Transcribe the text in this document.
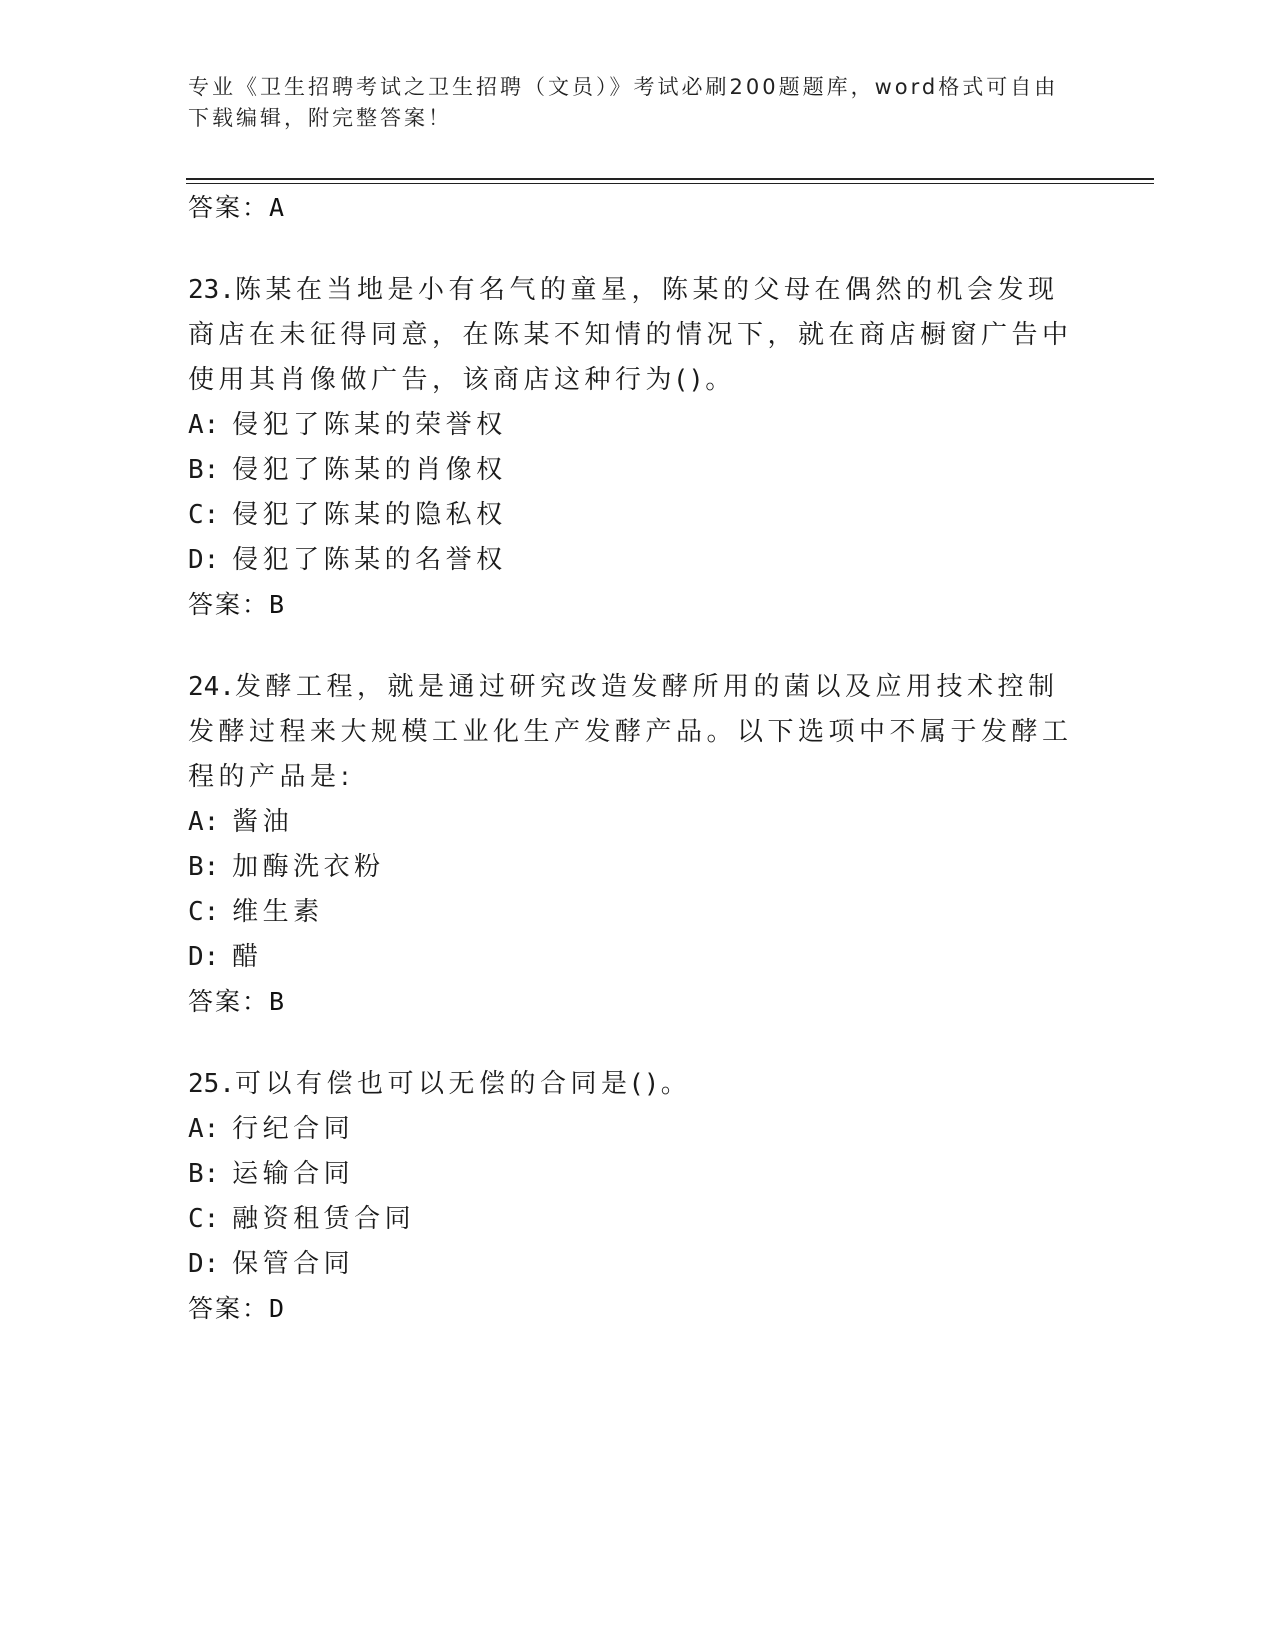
专业《卫生招聘考试之卫生招聘（文员）》考试必刷200题题库，word格式可自由下载编辑，附完整答案！
答案：A
23.陈某在当地是小有名气的童星，陈某的父母在偶然的机会发现商店在未征得同意，在陈某不知情的情况下，就在商店橱窗广告中使用其肖像做广告，该商店这种行为()。
A: 侵犯了陈某的荣誉权
B: 侵犯了陈某的肖像权
C: 侵犯了陈某的隐私权
D: 侵犯了陈某的名誉权
答案：B
24.发酵工程，就是通过研究改造发酵所用的菌以及应用技术控制发酵过程来大规模工业化生产发酵产品。以下选项中不属于发酵工程的产品是:
A: 酱油
B: 加酶洗衣粉
C: 维生素
D: 醋
答案：B
25.可以有偿也可以无偿的合同是()。
A: 行纪合同
B: 运输合同
C: 融资租赁合同
D: 保管合同
答案：D
